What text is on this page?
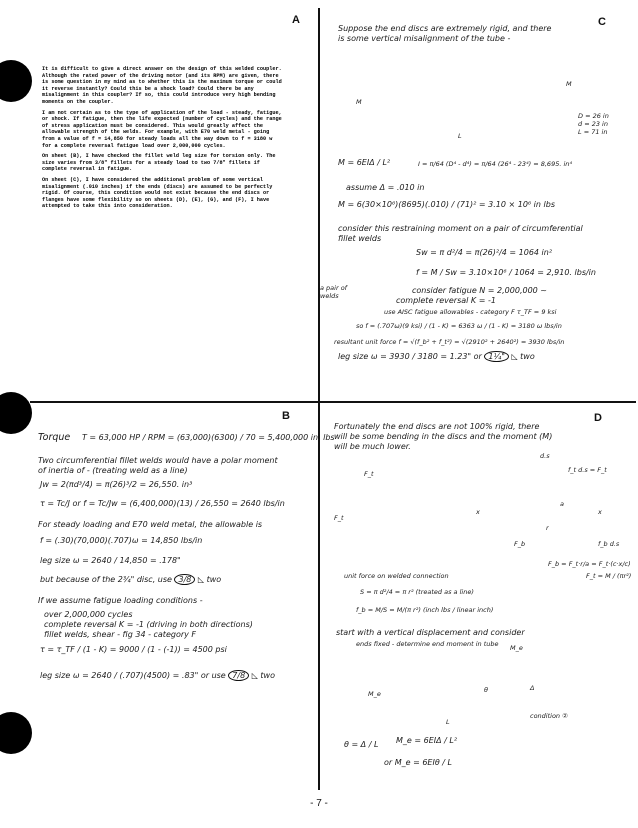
A

It is difficult to give a direct answer on the design of this welded coupler. Although the rated power of the driving motor (and its RPM) are given, there is some question in my mind as to whether this is the maximum torque or could it reverse instantly? Could this be a shock load? Could there be any misalignment in this coupler? If so, this could introduce very high bending moments on the coupler.

I am not certain as to the type of application of the load - steady, fatigue, or shock. If fatigue, then the life expected (number of cycles) and the range of stress application must be considered. This would greatly affect the allowable strength of the welds. For example, with E70 weld metal - going from a value of f = 14,850 for steady loads all the way down to f = 3180 w for a complete reversal fatigue load over 2,000,000 cycles.

On sheet (B), I have checked the fillet weld leg size for torsion only. The size varies from 3/8" fillets for a steady load to two 7/8" fillets if complete reversal in fatigue.

On sheet (C), I have considered the additional problem of some vertical misalignment (.010 inches) if the ends (discs) are assumed to be perfectly rigid. Of course, this condition would not exist because the end discs or flanges have some flexibility so on sheets (D), (E), (G), and (F), I have attempted to take this into consideration.

B
Torque T = 63,000 HP / RPM = (63,000)(6300) / 70 = 5,400,000 in. lbs
Two circumferential fillet welds would have a polar moment
of inertia of - (treating weld as a line)
Jw = 2(πd³/4) = π(26)³/2 = 26,550. in³
τ = Tc/J or f = Tc/Jw = (6,400,000)(13) / 26,550 = 2640 lbs/in
For steady loading and E70 weld metal, the allowable is
f = (.30)(70,000)(.707)ω = 14,850 lbs/in
leg size ω = 2640 / 14,850 = .178"
but because of the 2¾" disc, use 3/8 ◺ two
If we assume fatigue loading conditions -
over 2,000,000 cycles
complete reversal K = -1 (driving in both directions)
fillet welds, shear - fig 34 - category F
τ = τ_TF / (1 - K) = 9000 / (1 - (-1)) = 4500 psi
leg size ω = 2640 / (.707)(4500) = .83" or use 7/8 ◺ two
C
Suppose the end discs are extremely rigid, and there
is some vertical misalignment of the tube -
M
M
L
D = 26 in
d = 23 in
L = 71 in
M = 6EIΔ / L²	I = π/64 (D⁴ - d⁴) = π/64 (26⁴ - 23⁴) = 8,695. in⁴
assume Δ = .010 in
M = 6(30×10⁶)(8695)(.010) / (71)² = 3.10 × 10⁶ in lbs
consider this restraining moment on a pair of circumferential
fillet welds
a pair of welds
Sw = π d²/4 = π(26)²/4 = 1064 in²
f = M / Sw = 3.10×10⁶ / 1064 = 2,910. lbs/in
consider fatigue N = 2,000,000 ~
complete reversal K = -1
use AISC fatigue allowables - category F τ_TF = 9 ksi
so f = (.707ω)(9 ksi) / (1 - K) = 6363 ω / (1 - K) = 3180 ω lbs/in
resultant unit force f = √(f_b² + f_t²) = √(2910² + 2640²) = 3930 lbs/in
leg size ω = 3930 / 3180 = 1.23" or 1¼" ◺ two
D
Fortunately the end discs are not 100% rigid, there
will be some bending in the discs and the moment (M)
will be much lower.
F_t
F_t
x	x
F_b
f_t d.s = F_t
d.s
f_b d.s
a
r
F_b = F_t·r/a = F_t·(c·x/c)
F_t = M / (πr²)
unit force on welded connection
S = π d²/4 = π r² (treated as a line)
f_b = M/S = M/(π r²) (inch lbs / linear inch)
start with a vertical displacement and consider
ends fixed - determine end moment in tube
M_e
M_e
θ	Δ
L
condition ②
θ = Δ / L M_e = 6EIΔ / L²
or M_e = 6EIθ / L
- 7 -
